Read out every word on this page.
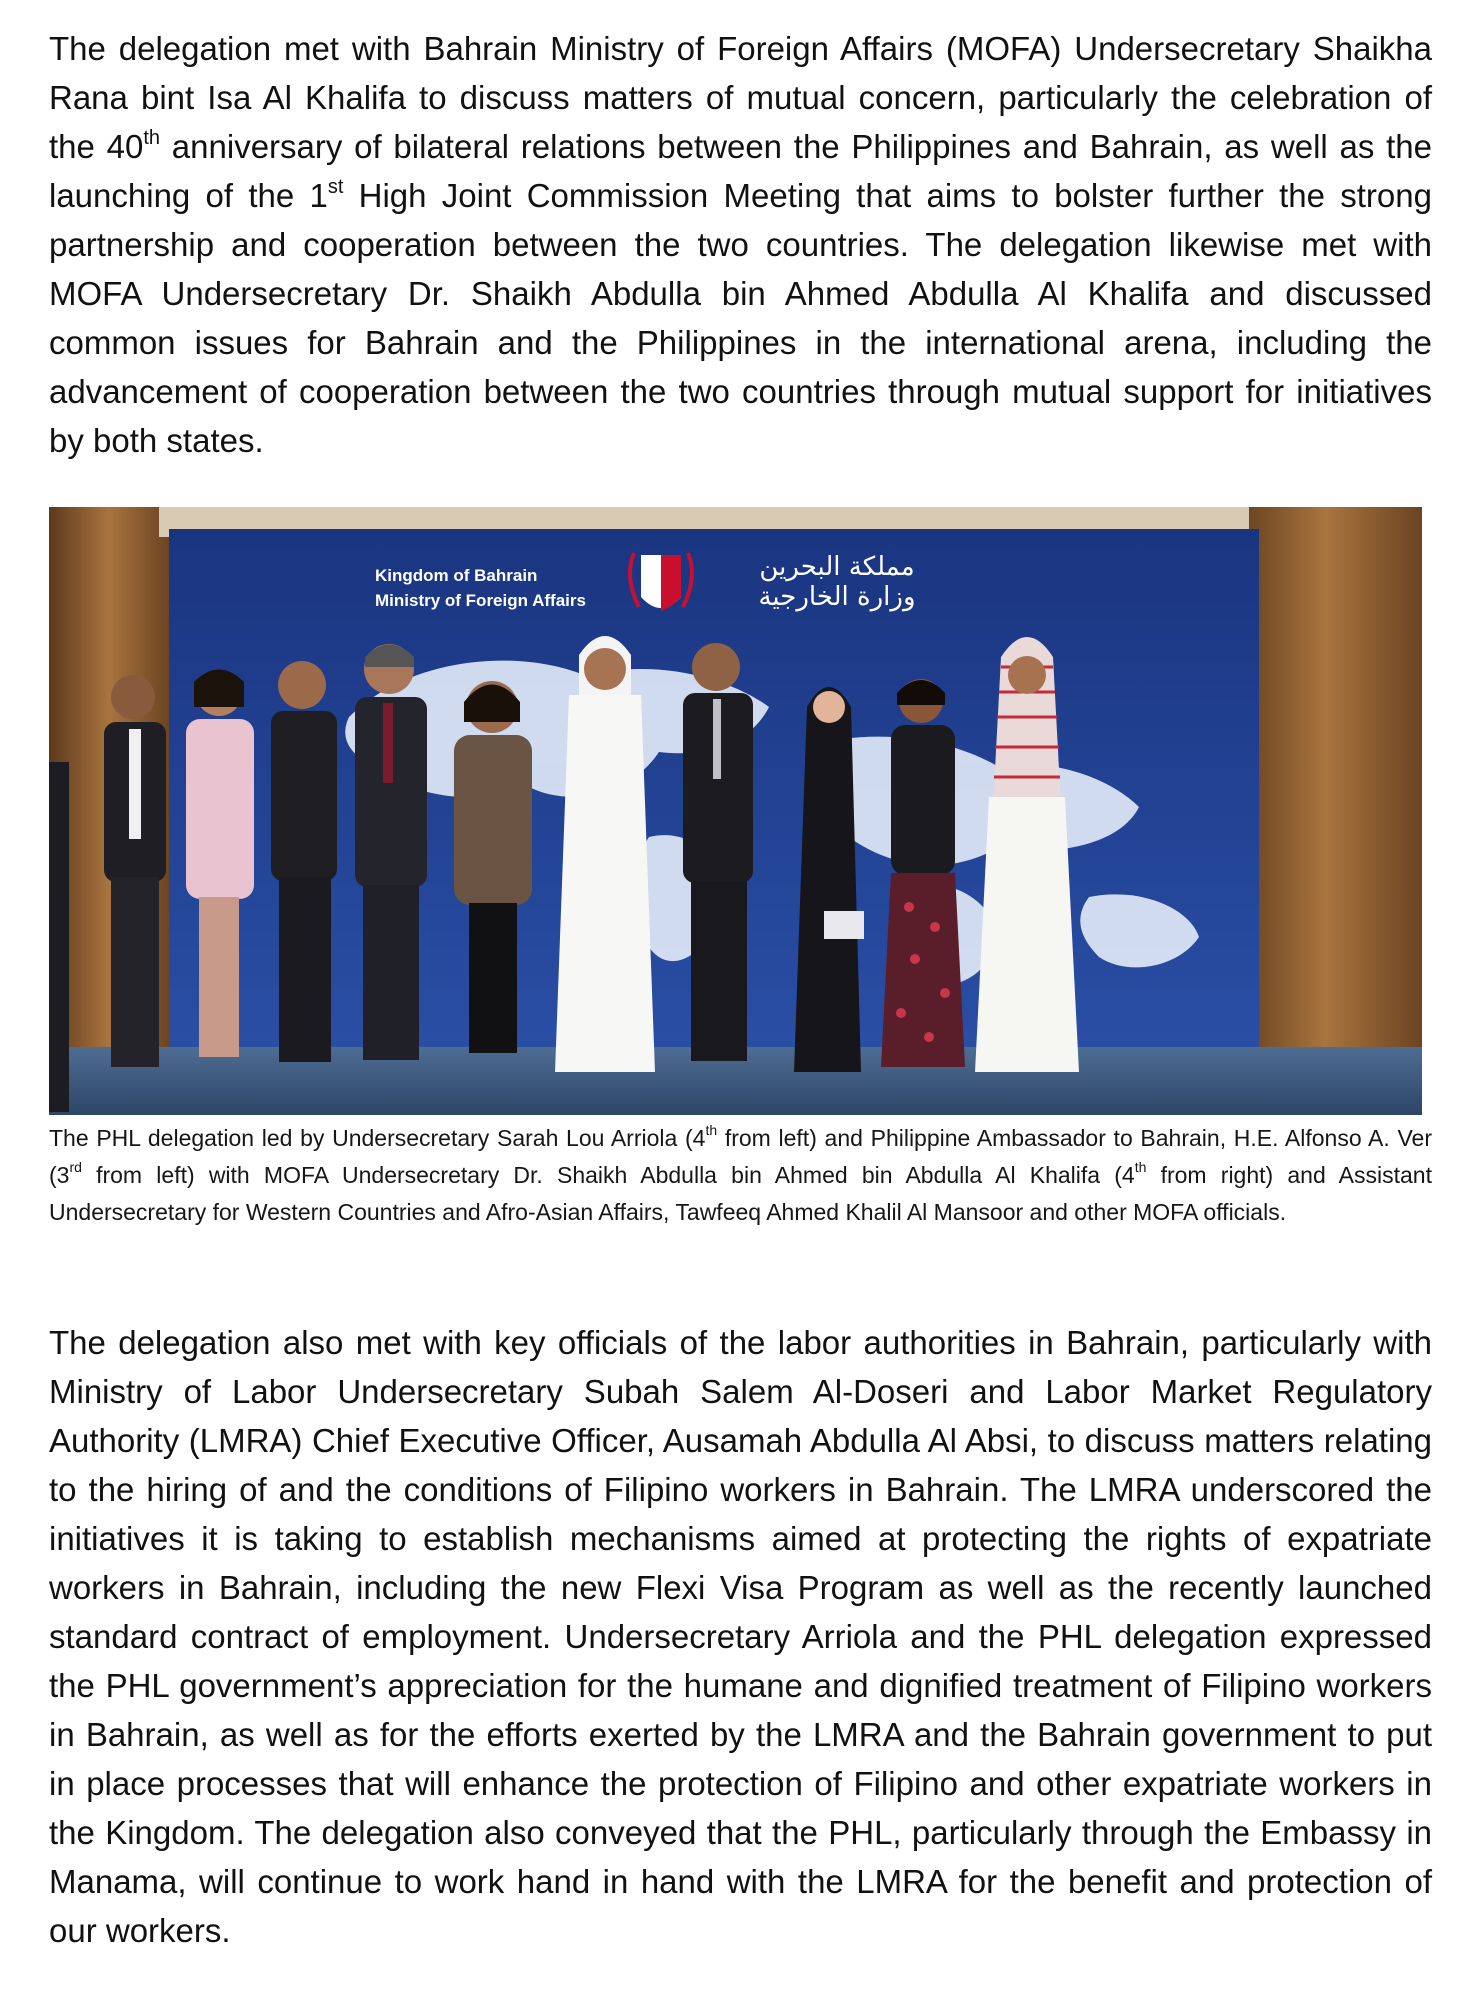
The delegation met with Bahrain Ministry of Foreign Affairs (MOFA) Undersecretary Shaikha Rana bint Isa Al Khalifa to discuss matters of mutual concern, particularly the celebration of the 40th anniversary of bilateral relations between the Philippines and Bahrain, as well as the launching of the 1st High Joint Commission Meeting that aims to bolster further the strong partnership and cooperation between the two countries. The delegation likewise met with MOFA Undersecretary Dr. Shaikh Abdulla bin Ahmed Abdulla Al Khalifa and discussed common issues for Bahrain and the Philippines in the international arena, including the advancement of cooperation between the two countries through mutual support for initiatives by both states.

Kingdom of Bahrain
Ministry of Foreign Affairs
مملكة البحرين
وزارة الخارجية

The PHL delegation led by Undersecretary Sarah Lou Arriola (4th from left) and Philippine Ambassador to Bahrain, H.E. Alfonso A. Ver (3rd from left) with MOFA Undersecretary Dr. Shaikh Abdulla bin Ahmed bin Abdulla Al Khalifa (4th from right) and Assistant Undersecretary for Western Countries and Afro-Asian Affairs, Tawfeeq Ahmed Khalil Al Mansoor and other MOFA officials.

The delegation also met with key officials of the labor authorities in Bahrain, particularly with Ministry of Labor Undersecretary Subah Salem Al-Doseri and Labor Market Regulatory Authority (LMRA) Chief Executive Officer, Ausamah Abdulla Al Absi, to discuss matters relating to the hiring of and the conditions of Filipino workers in Bahrain. The LMRA underscored the initiatives it is taking to establish mechanisms aimed at protecting the rights of expatriate workers in Bahrain, including the new Flexi Visa Program as well as the recently launched standard contract of employment. Undersecretary Arriola and the PHL delegation expressed the PHL government’s appreciation for the humane and dignified treatment of Filipino workers in Bahrain, as well as for the efforts exerted by the LMRA and the Bahrain government to put in place processes that will enhance the protection of Filipino and other expatriate workers in the Kingdom. The delegation also conveyed that the PHL, particularly through the Embassy in Manama, will continue to work hand in hand with the LMRA for the benefit and protection of our workers.
